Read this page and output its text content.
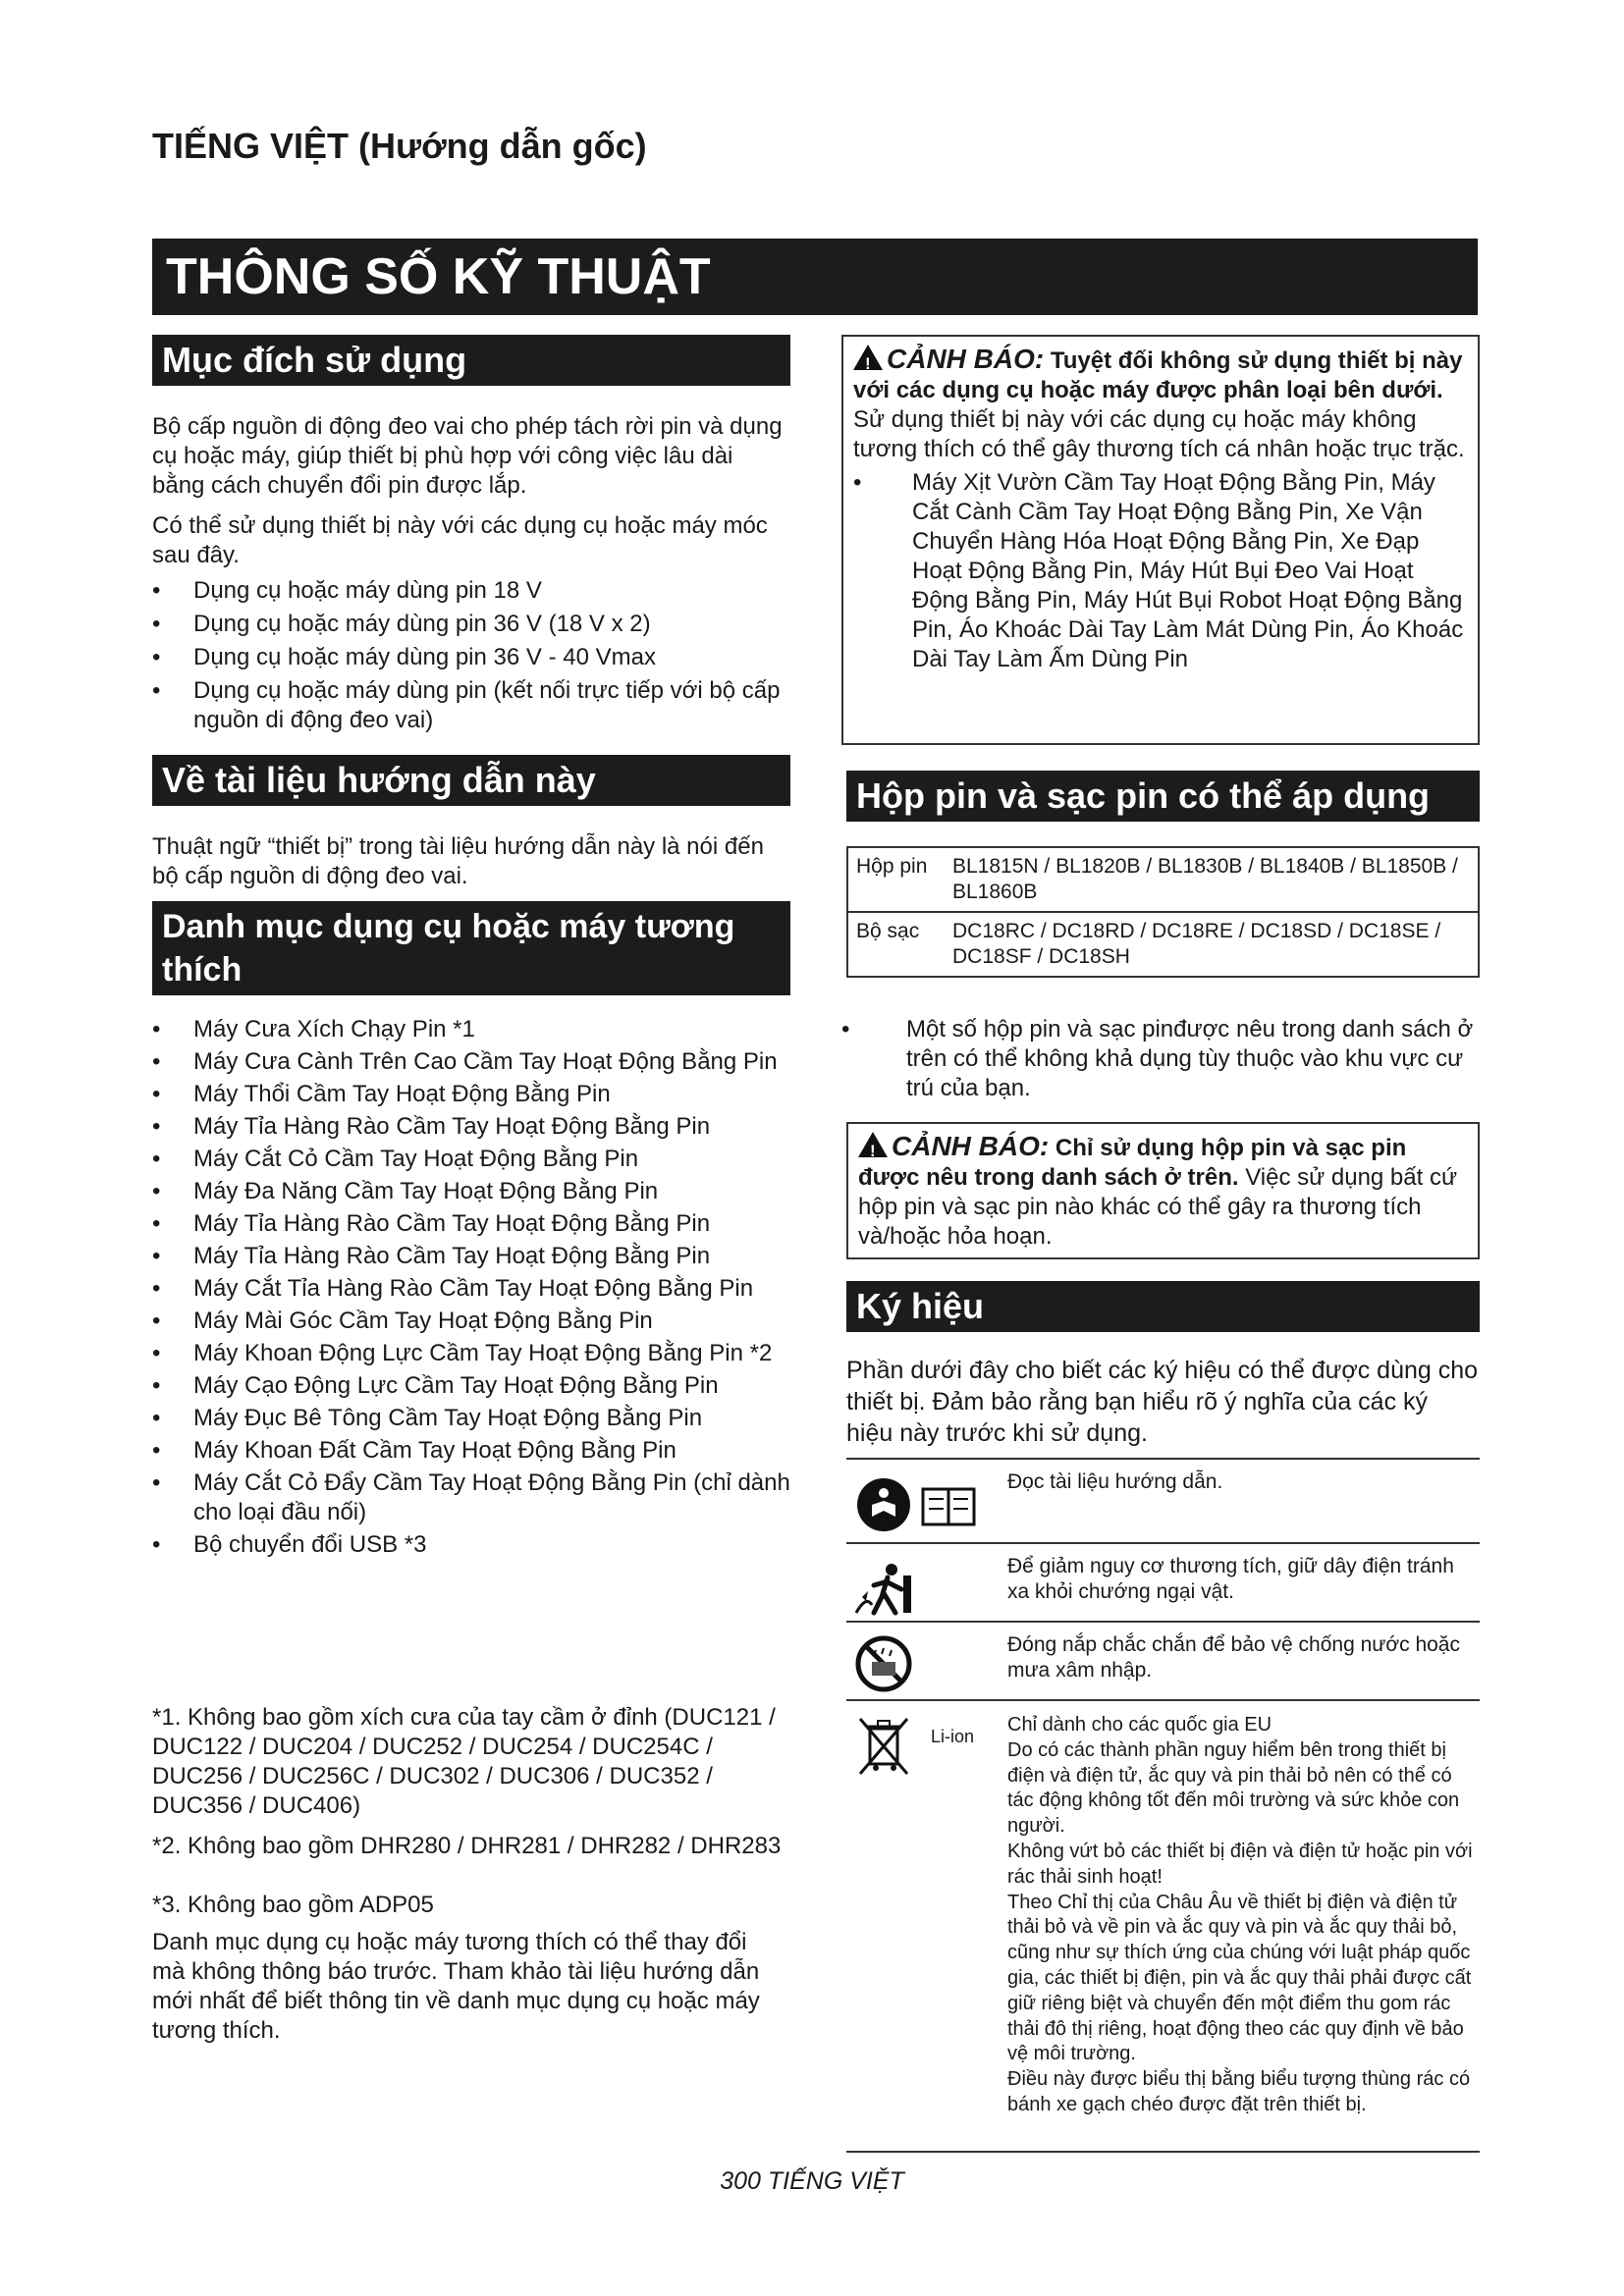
TIẾNG VIỆT (Hướng dẫn gốc)
THÔNG SỐ KỸ THUẬT
Mục đích sử dụng

Bộ cấp nguồn di động đeo vai cho phép tách rời pin và dụng cụ hoặc máy, giúp thiết bị phù hợp với công việc lâu dài bằng cách chuyển đổi pin được lắp.

Có thể sử dụng thiết bị này với các dụng cụ hoặc máy móc sau đây.

• Dụng cụ hoặc máy dùng pin 18 V
• Dụng cụ hoặc máy dùng pin 36 V (18 V x 2)
• Dụng cụ hoặc máy dùng pin 36 V - 40 Vmax
• Dụng cụ hoặc máy dùng pin (kết nối trực tiếp với bộ cấp nguồn di động đeo vai)
Về tài liệu hướng dẫn này

Thuật ngữ “thiết bị” trong tài liệu hướng dẫn này là nói đến bộ cấp nguồn di động đeo vai.

Danh mục dụng cụ hoặc máy tương thích
• Máy Cưa Xích Chạy Pin *1
• Máy Cưa Cành Trên Cao Cầm Tay Hoạt Động Bằng Pin
• Máy Thổi Cầm Tay Hoạt Động Bằng Pin
• Máy Tỉa Hàng Rào Cầm Tay Hoạt Động Bằng Pin
• Máy Cắt Cỏ Cầm Tay Hoạt Động Bằng Pin
• Máy Đa Năng Cầm Tay Hoạt Động Bằng Pin
• Máy Tỉa Hàng Rào Cầm Tay Hoạt Động Bằng Pin
• Máy Tỉa Hàng Rào Cầm Tay Hoạt Động Bằng Pin
• Máy Cắt Tỉa Hàng Rào Cầm Tay Hoạt Động Bằng Pin
• Máy Mài Góc Cầm Tay Hoạt Động Bằng Pin
• Máy Khoan Động Lực Cầm Tay Hoạt Động Bằng Pin *2
• Máy Cạo Động Lực Cầm Tay Hoạt Động Bằng Pin
• Máy Đục Bê Tông Cầm Tay Hoạt Động Bằng Pin
• Máy Khoan Đất Cầm Tay Hoạt Động Bằng Pin
• Máy Cắt Cỏ Đẩy Cầm Tay Hoạt Động Bằng Pin (chỉ dành cho loại đầu nối)
• Bộ chuyển đổi USB *3

*1. Không bao gồm xích cưa của tay cầm ở đỉnh (DUC121 / DUC122 / DUC204 / DUC252 / DUC254 / DUC254C / DUC256 / DUC256C / DUC302 / DUC306 / DUC352 / DUC356 / DUC406)

*2. Không bao gồm DHR280 / DHR281 / DHR282 / DHR283

*3. Không bao gồm ADP05

Danh mục dụng cụ hoặc máy tương thích có thể thay đổi mà không thông báo trước. Tham khảo tài liệu hướng dẫn mới nhất để biết thông tin về danh mục dụng cụ hoặc máy tương thích.

!CẢNH BÁO: Tuyệt đối không sử dụng thiết bị này với các dụng cụ hoặc máy được phân loại bên dưới. Sử dụng thiết bị này với các dụng cụ hoặc máy không tương thích có thể gây thương tích cá nhân hoặc trục trặc.
• Máy Xịt Vườn Cầm Tay Hoạt Động Bằng Pin, Máy Cắt Cành Cầm Tay Hoạt Động Bằng Pin, Xe Vận Chuyển Hàng Hóa Hoạt Động Bằng Pin, Xe Đạp Hoạt Động Bằng Pin, Máy Hút Bụi Đeo Vai Hoạt Động Bằng Pin, Máy Hút Bụi Robot Hoạt Động Bằng Pin, Áo Khoác Dài Tay Làm Mát Dùng Pin, Áo Khoác Dài Tay Làm Ấm Dùng Pin
Hộp pin và sạc pin có thể áp dụng
Hộp pin	BL1815N / BL1820B / BL1830B / BL1840B / BL1850B / BL1860B
Bộ sạc	DC18RC / DC18RD / DC18RE / DC18SD / DC18SE / DC18SF / DC18SH
• Một số hộp pin và sạc pinđược nêu trong danh sách ở trên có thể không khả dụng tùy thuộc vào khu vực cư trú của bạn.
!CẢNH BÁO: Chỉ sử dụng hộp pin và sạc pin được nêu trong danh sách ở trên. Việc sử dụng bất cứ hộp pin và sạc pin nào khác có thể gây ra thương tích và/hoặc hỏa hoạn.
Ký hiệu

Phần dưới đây cho biết các ký hiệu có thể được dùng cho thiết bị. Đảm bảo rằng bạn hiểu rõ ý nghĩa của các ký hiệu này trước khi sử dụng.

Đọc tài liệu hướng dẫn.
Để giảm nguy cơ thương tích, giữ dây điện tránh xa khỏi chướng ngại vật.
Đóng nắp chắc chắn để bảo vệ chống nước hoặc mưa xâm nhập.
Li-ion
Chỉ dành cho các quốc gia EU
Do có các thành phần nguy hiểm bên trong thiết bị điện và điện tử, ắc quy và pin thải bỏ nên có thể có tác động không tốt đến môi trường và sức khỏe con người.
Không vứt bỏ các thiết bị điện và điện tử hoặc pin với rác thải sinh hoạt!
Theo Chỉ thị của Châu Âu về thiết bị điện và điện tử thải bỏ và về pin và ắc quy và pin và ắc quy thải bỏ, cũng như sự thích ứng của chúng với luật pháp quốc gia, các thiết bị điện, pin và ắc quy thải phải được cất giữ riêng biệt và chuyển đến một điểm thu gom rác thải đô thị riêng, hoạt động theo các quy định về bảo vệ môi trường.
Điều này được biểu thị bằng biểu tượng thùng rác có bánh xe gạch chéo được đặt trên thiết bị.
300 TIẾNG VIỆT
